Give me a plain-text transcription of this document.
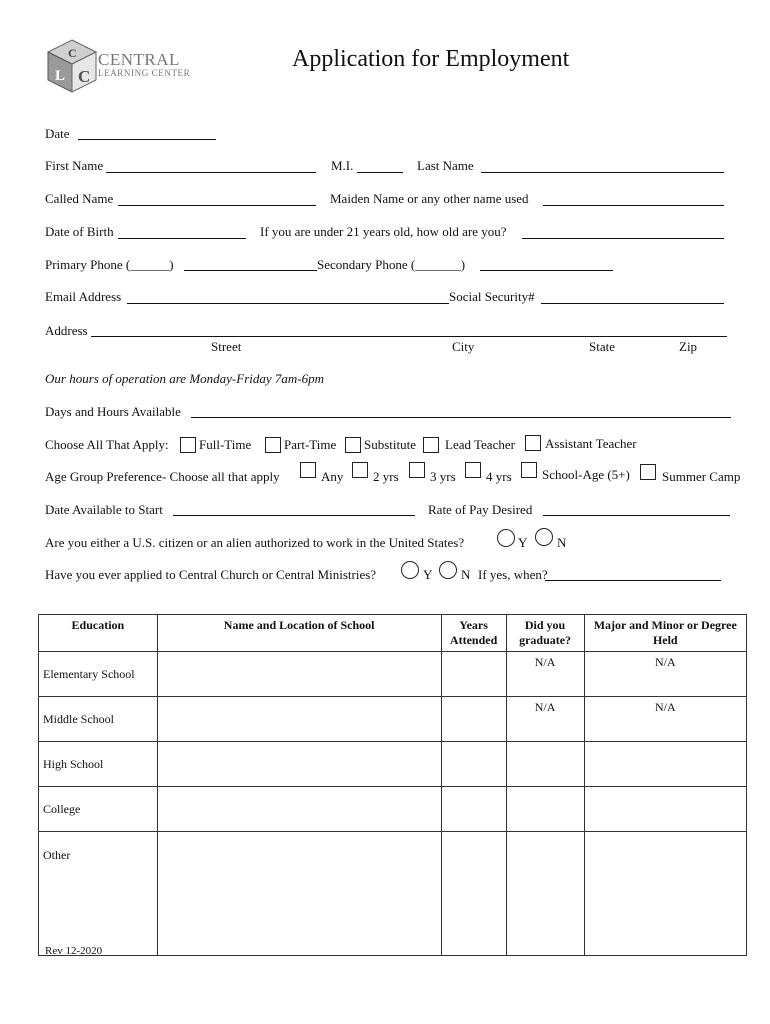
C
L C
CENTRAL
LEARNING CENTER
Application for Employment
Date
First Name	M.I.	Last Name
Called Name	Maiden Name or any other name used
Date of Birth	If you are under 21 years old, how old are you?
Primary Phone (______)	Secondary Phone (_______)
Email Address	Social Security#
Address
Street	City	State	Zip
Our hours of operation are Monday-Friday 7am-6pm
Days and Hours Available
Choose All That Apply: Full-Time	Part-Time Substitute Lead Teacher Assistant Teacher
Age Group Preference- Choose all that apply	Any 2 yrs 3 yrs 4 yrs School-Age (5+) Summer Camp
Date Available to Start	Rate of Pay Desired
Are you either a U.S. citizen or an alien authorized to work in the United States?	Y N
Have you ever applied to Central Church or Central Ministries?	Y N If yes, when?
Education	Name and Location of School	Years Attended	Did you graduate?	Major and Minor or Degree Held
Elementary School			N/A	N/A
Middle School			N/A	N/A
High School				
College				
Other				
Rev 12-2020
